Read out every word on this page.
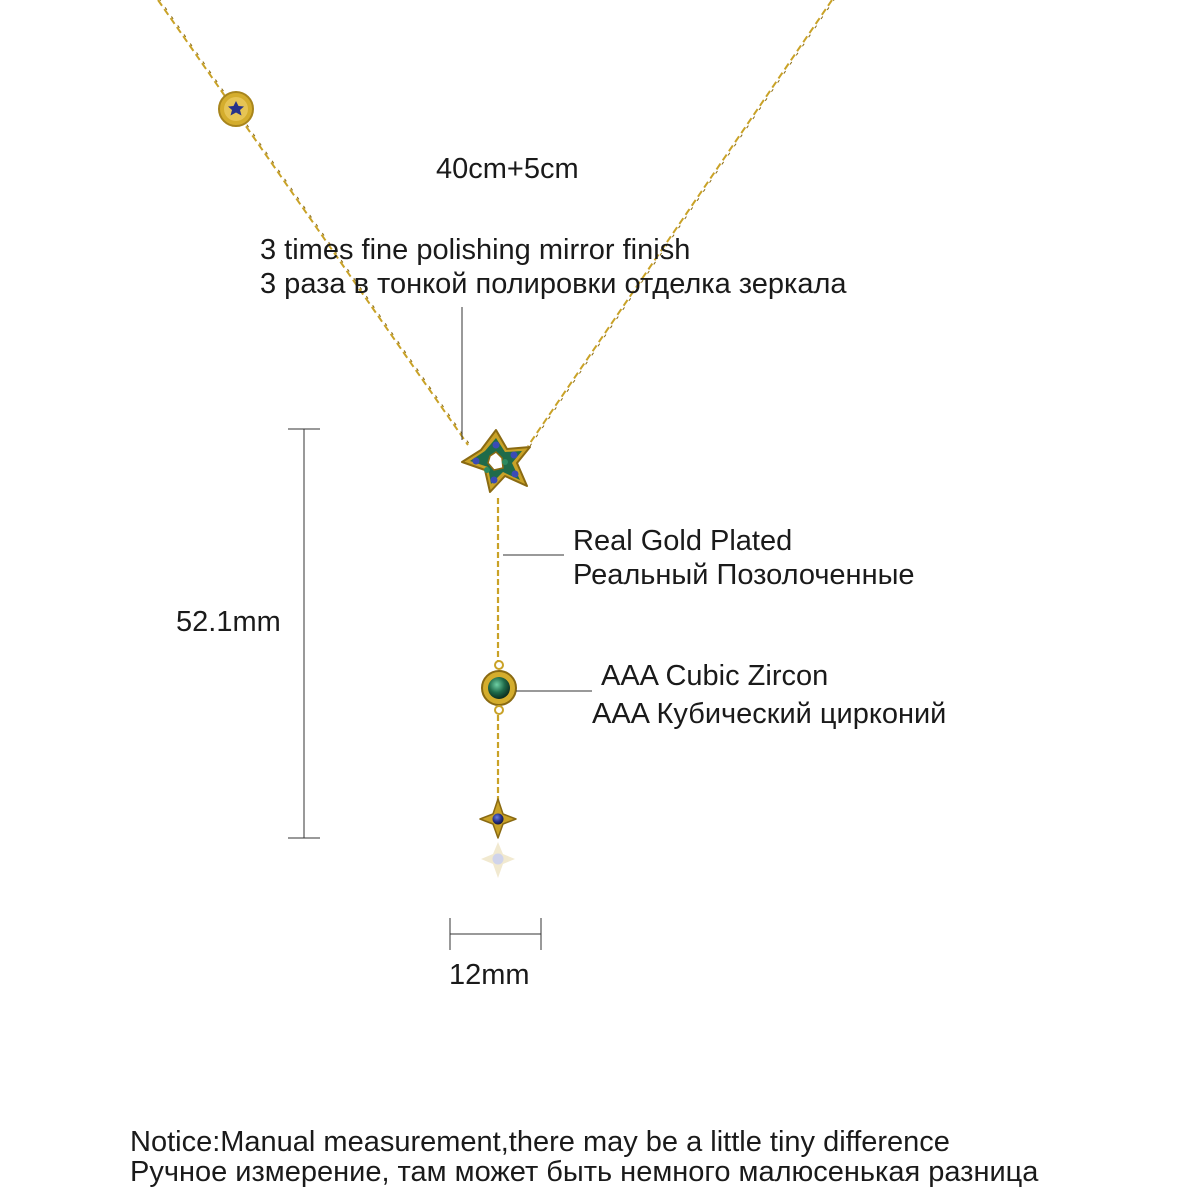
40cm+5cm
3 times fine polishing mirror finish
3 раза в тонкой полировки отделка зеркала
Real Gold Plated
Реальный Позолоченные
AAA Cubic Zircon
AAA Кубический цирконий
52.1mm
12mm
Notice:Manual measurement,there may be a little tiny difference
Ручное измерение, там может быть немного малюсенькая разница
